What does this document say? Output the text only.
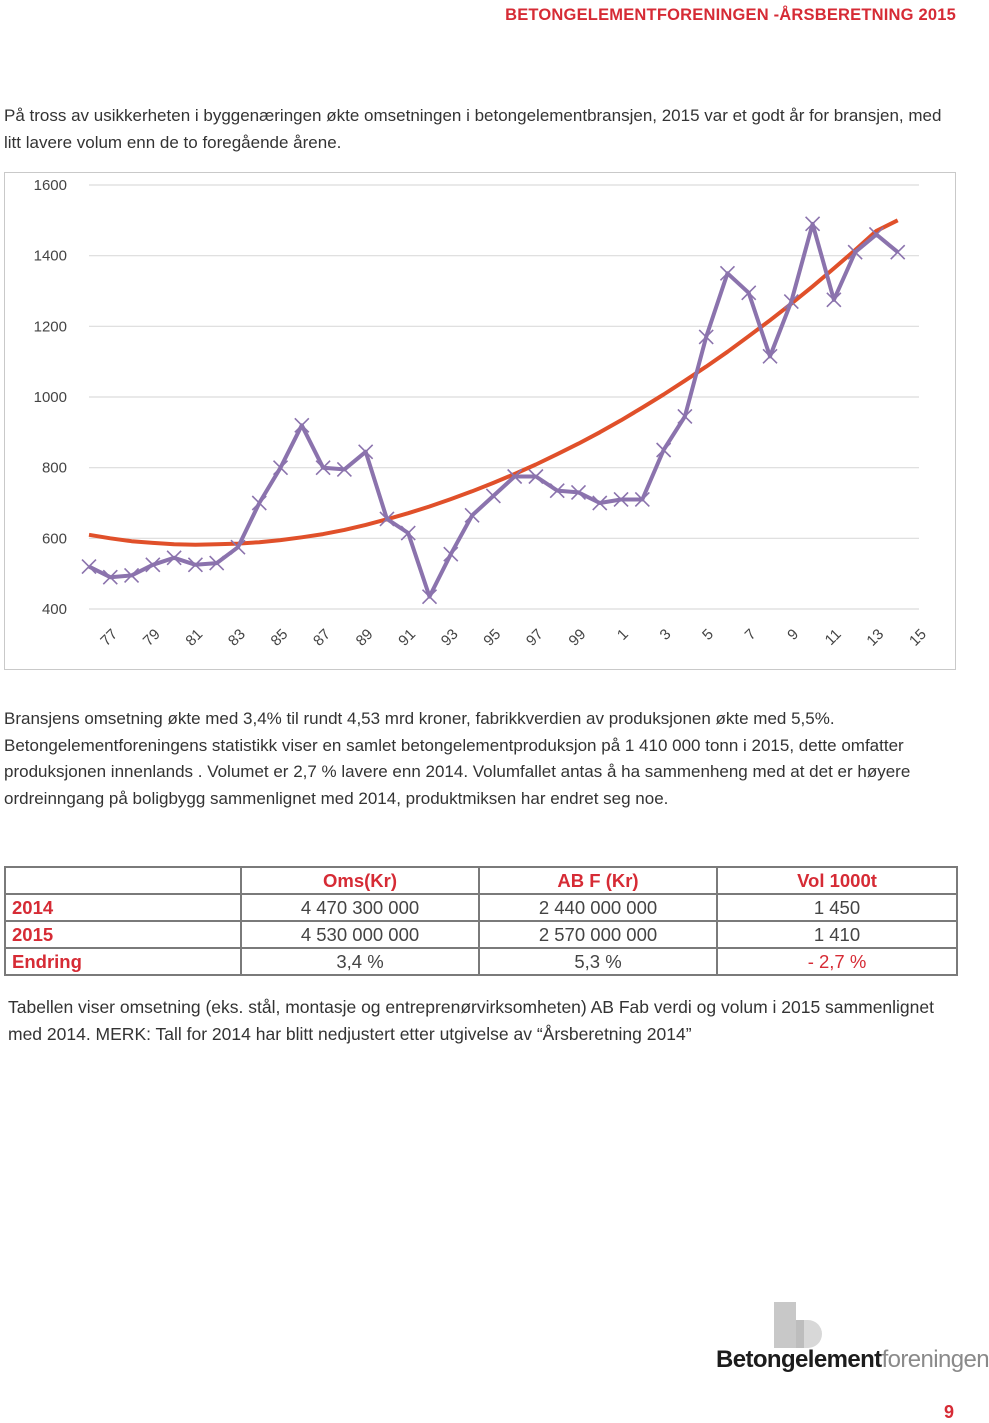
BETONGELEMENTFORENINGEN -ÅRSBERETNING 2015

På tross av usikkerheten i byggenæringen økte omsetningen i betongelementbransjen, 2015 var et godt år for bransjen, med litt lavere volum enn de to foregående årene.

400
600
800
1000
1200
1400
1600
77 79 81 83 85 87 89 91 93 95 97 99 1 3 5 7 9 11 13 15

Bransjens omsetning økte med 3,4% til rundt 4,53 mrd kroner, fabrikkverdien av produksjonen økte med 5,5%. Betongelementforeningens statistikk viser en samlet betongelementproduksjon på 1 410 000 tonn i 2015, dette omfatter produksjonen innenlands . Volumet er 2,7 % lavere enn 2014. Volumfallet antas å ha sammenheng med at det er høyere ordreinngang på boligbygg sammenlignet med 2014, produktmiksen har endret seg noe.

	Oms(Kr)	AB F (Kr)	Vol 1000t
2014	4 470 300 000	2 440 000 000	1 450
2015	4 530 000 000	2 570 000 000	1 410
Endring	3,4 %	5,3 %	- 2,7 %

Tabellen viser omsetning (eks. stål, montasje og entreprenørvirksomheten) AB Fab verdi og volum i 2015 sammenlignet med 2014. MERK: Tall for 2014 har blitt nedjustert etter utgivelse av “Årsberetning 2014”

Betongelementforeningen
9
